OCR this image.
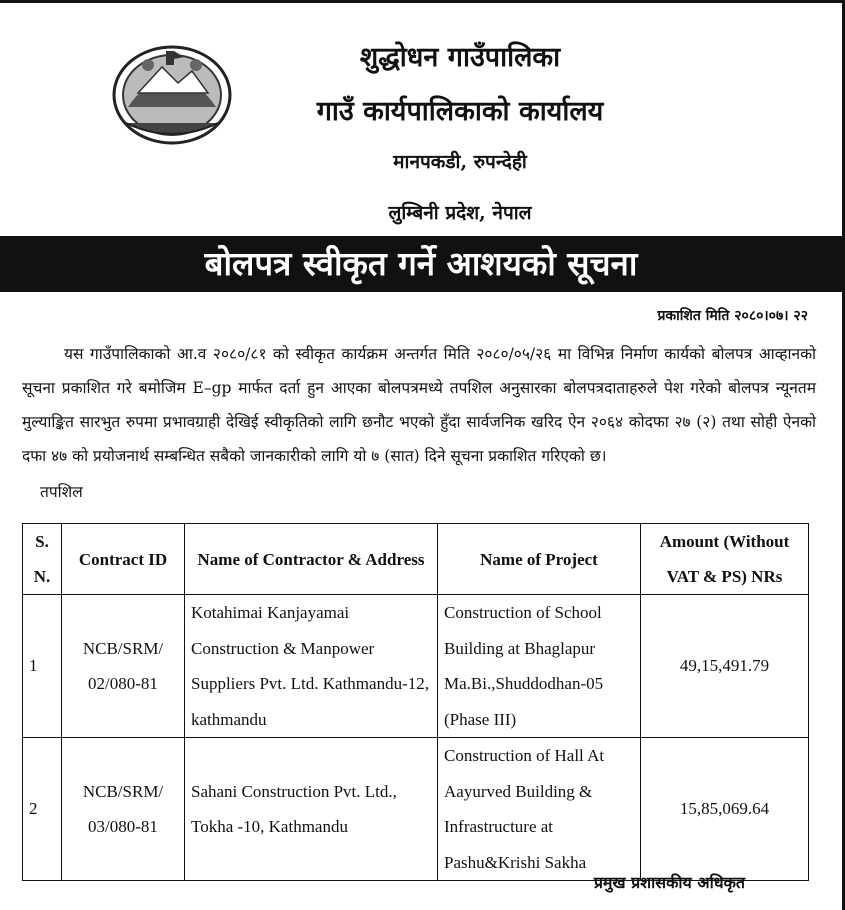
शुद्धोधन गाउँपालिका
गाउँ कार्यपालिकाको कार्यालय
मानपकडी, रुपन्देही
लुम्बिनी प्रदेश, नेपाल
बोलपत्र स्वीकृत गर्ने आशयको सूचना
प्रकाशित मिति २०८०।०७। २२
यस गाउँपालिकाको आ.व २०८०/८१ को स्वीकृत कार्यक्रम अन्तर्गत मिति २०८०/०५/२६ मा विभिन्न निर्माण कार्यको बोलपत्र आव्हानको सूचना प्रकाशित गरे बमोजिम E–gp मार्फत दर्ता हुन आएका बोलपत्रमध्ये तपशिल अनुसारका बोलपत्रदाताहरुले पेश गरेको बोलपत्र न्यूनतम मुल्याङ्कित सारभुत रुपमा प्रभावग्राही देखिई स्वीकृतिको लागि छनौट भएको हुँदा सार्वजनिक खरिद ऐन २०६४ कोदफा २७ (२) तथा सोही ऐनको दफा ४७ को प्रयोजनार्थ सम्बन्धित सबैको जानकारीको लागि यो ७ (सात) दिने सूचना प्रकाशित गरिएको छ।
तपशिल
S. N.	Contract ID	Name of Contractor & Address	Name of Project	Amount (Without VAT & PS) NRs
1	NCB/SRM/ 02/080-81	Kotahimai Kanjayamai Construction & Manpower Suppliers Pvt. Ltd. Kathmandu-12, kathmandu	Construction of School Building at Bhaglapur Ma.Bi.,Shuddodhan-05 (Phase III)	49,15,491.79
2	NCB/SRM/ 03/080-81	Sahani Construction Pvt. Ltd., Tokha -10, Kathmandu	Construction of Hall At Aayurved Building & Infrastructure at Pashu&Krishi Sakha	15,85,069.64
प्रमुख प्रशासकीय अधिकृत
